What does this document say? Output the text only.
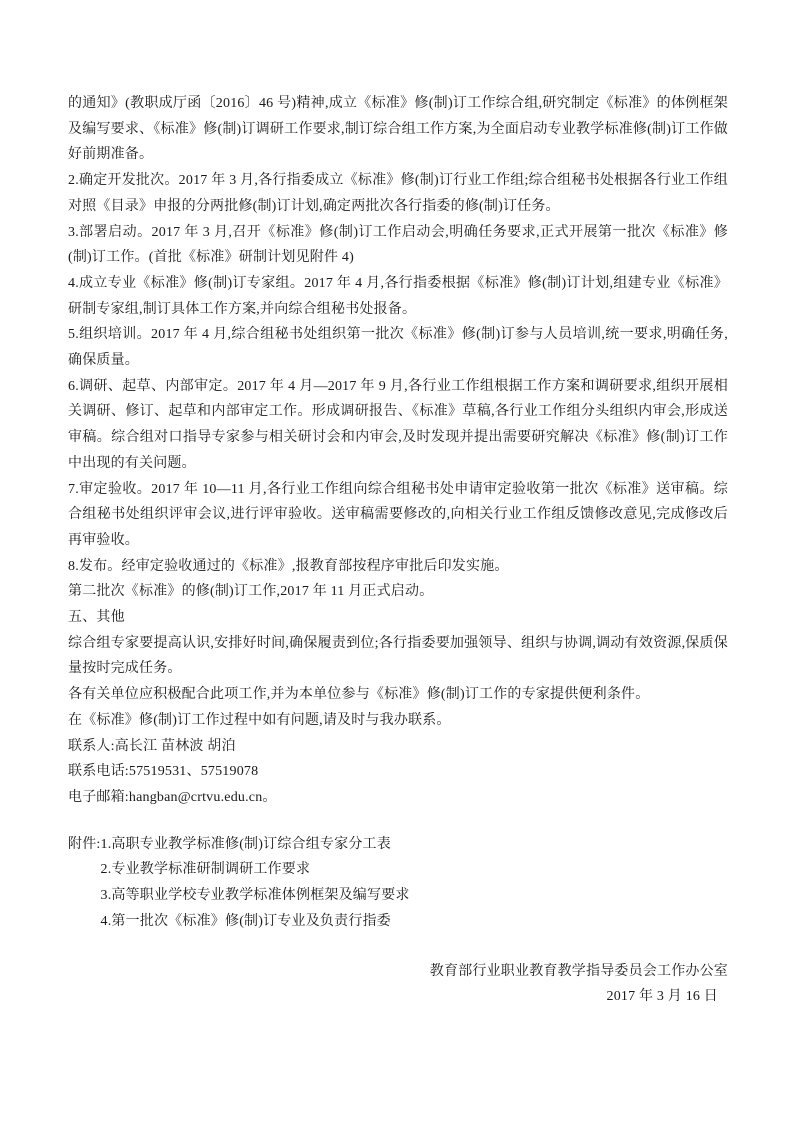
的通知》(教职成厅函〔2016〕46 号)精神,成立《标准》修(制)订工作综合组,研究制定《标准》的体例框架及编写要求、《标准》修(制)订调研工作要求,制订综合组工作方案,为全面启动专业教学标准修(制)订工作做好前期准备。

2.确定开发批次。2017 年 3 月,各行指委成立《标准》修(制)订行业工作组;综合组秘书处根据各行业工作组对照《目录》申报的分两批修(制)订计划,确定两批次各行指委的修(制)订任务。

3.部署启动。2017 年 3 月,召开《标准》修(制)订工作启动会,明确任务要求,正式开展第一批次《标准》修(制)订工作。(首批《标准》研制计划见附件 4)

4.成立专业《标准》修(制)订专家组。2017 年 4 月,各行指委根据《标准》修(制)订计划,组建专业《标准》研制专家组,制订具体工作方案,并向综合组秘书处报备。

5.组织培训。2017 年 4 月,综合组秘书处组织第一批次《标准》修(制)订参与人员培训,统一要求,明确任务,确保质量。

6.调研、起草、内部审定。2017 年 4 月—2017 年 9 月,各行业工作组根据工作方案和调研要求,组织开展相关调研、修订、起草和内部审定工作。形成调研报告、《标准》草稿,各行业工作组分头组织内审会,形成送审稿。综合组对口指导专家参与相关研讨会和内审会,及时发现并提出需要研究解决《标准》修(制)订工作中出现的有关问题。

7.审定验收。2017 年 10—11 月,各行业工作组向综合组秘书处申请审定验收第一批次《标准》送审稿。综合组秘书处组织评审会议,进行评审验收。送审稿需要修改的,向相关行业工作组反馈修改意见,完成修改后再审验收。

8.发布。经审定验收通过的《标准》,报教育部按程序审批后印发实施。

第二批次《标准》的修(制)订工作,2017 年 11 月正式启动。

五、其他

综合组专家要提高认识,安排好时间,确保履责到位;各行指委要加强领导、组织与协调,调动有效资源,保质保量按时完成任务。

各有关单位应积极配合此项工作,并为本单位参与《标准》修(制)订工作的专家提供便利条件。

在《标准》修(制)订工作过程中如有问题,请及时与我办联系。

联系人:高长江 苗林波 胡泊

联系电话:57519531、57519078

电子邮箱:hangban@crtvu.edu.cn。

附件: 1.高职专业教学标准修(制)订综合组专家分工表
2.专业教学标准研制调研工作要求
3.高等职业学校专业教学标准体例框架及编写要求
4.第一批次《标准》修(制)订专业及负责行指委
教育部行业职业教育教学指导委员会工作办公室
2017 年 3 月 16 日
